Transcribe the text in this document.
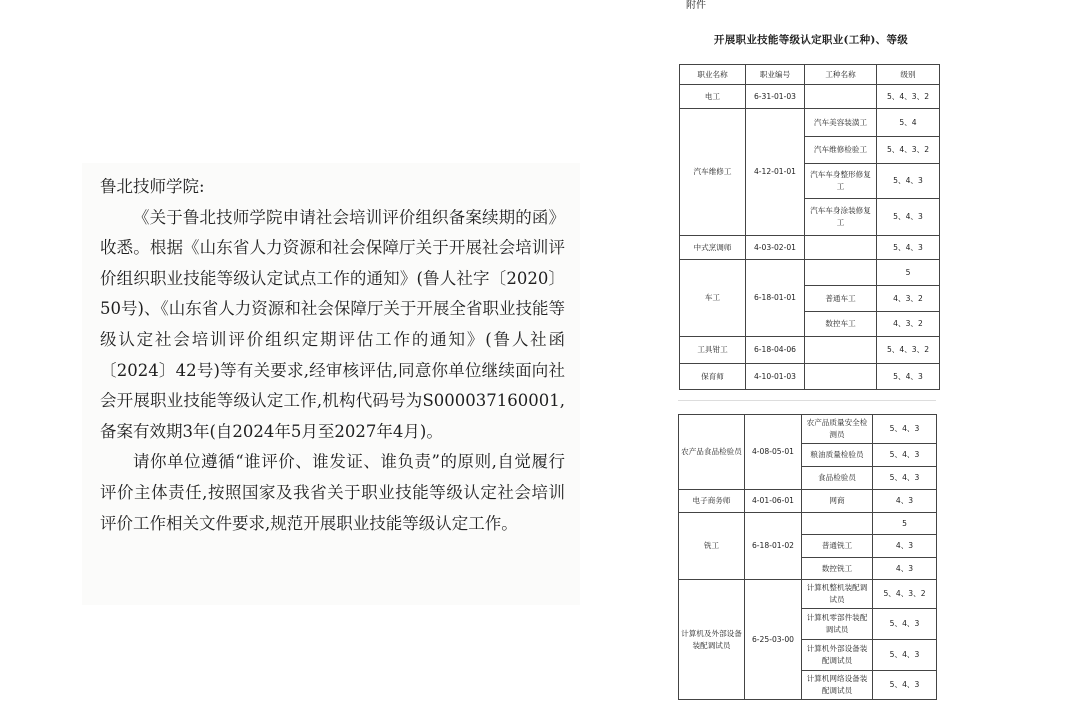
鲁北技师学院:

《关于鲁北技师学院申请社会培训评价组织备案续期的函》收悉。根据《山东省人力资源和社会保障厅关于开展社会培训评价组织职业技能等级认定试点工作的通知》(鲁人社字〔2020〕50号)、《山东省人力资源和社会保障厅关于开展全省职业技能等级认定社会培训评价组织定期评估工作的通知》(鲁人社函〔2024〕42号)等有关要求,经审核评估,同意你单位继续面向社会开展职业技能等级认定工作,机构代码号为S000037160001,备案有效期3年(自2024年5月至2027年4月)。

请你单位遵循“谁评价、谁发证、谁负责”的原则,自觉履行评价主体责任,按照国家及我省关于职业技能等级认定社会培训评价工作相关文件要求,规范开展职业技能等级认定工作。

附件
开展职业技能等级认定职业(工种)、等级
职业名称	职业编号	工种名称	级别
电工	6-31-01-03		5、4、3、2
汽车维修工	4-12-01-01	汽车美容装潢工	5、4
		汽车维修检验工	5、4、3、2
		汽车车身整形修复工	5、4、3
		汽车车身涂装修复工	5、4、3
中式烹调师	4-03-02-01		5、4、3
车工	6-18-01-01		5
		普通车工	4、3、2
		数控车工	4、3、2
工具钳工	6-18-04-06		5、4、3、2
保育师	4-10-01-03		5、4、3
农产品食品检验员	4-08-05-01	农产品质量安全检测员	5、4、3
		粮油质量检验员	5、4、3
		食品检验员	5、4、3
电子商务师	4-01-06-01	网商	4、3
铣工	6-18-01-02		5
		普通铣工	4、3
		数控铣工	4、3
计算机及外部设备装配调试员	6-25-03-00	计算机整机装配调试员	5、4、3、2
		计算机零部件装配调试员	5、4、3
		计算机外部设备装配调试员	5、4、3
		计算机网络设备装配调试员	5、4、3
